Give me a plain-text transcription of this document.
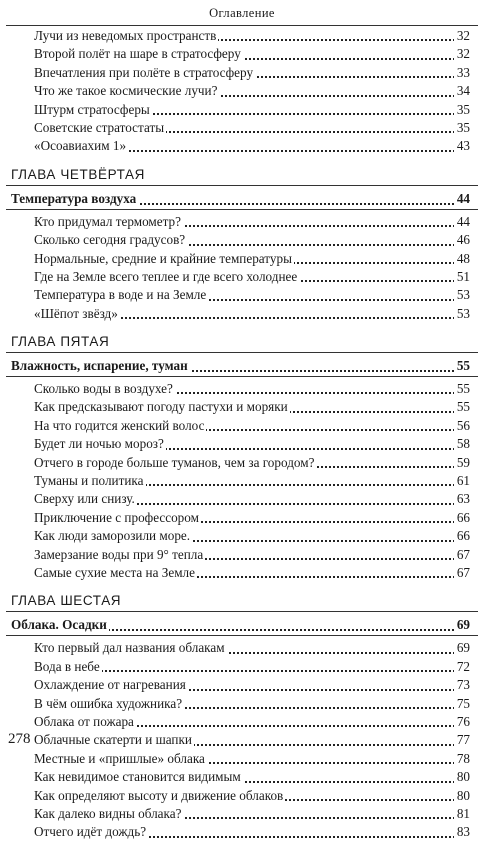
Оглавление
Лучи из неведомых пространств	32
Второй полёт на шаре в стратосферу	32
Впечатления при полёте в стратосферу	33
Что же такое космические лучи?	34
Штурм стратосферы	35
Советские стратостаты	35
«Осоавиахим 1»	43
ГЛАВА ЧЕТВЁРТАЯ
Температура воздуха	44
Кто придумал термометр?	44
Сколько сегодня градусов?	46
Нормальные, средние и крайние температуры	48
Где на Земле всего теплее и где всего холоднее	51
Температура в воде и на Земле	53
«Шёпот звёзд»	53
ГЛАВА ПЯТАЯ
Влажность, испарение, туман	55
Сколько воды в воздухе?	55
Как предсказывают погоду пастухи и моряки	55
На что годится женский волос	56
Будет ли ночью мороз?	58
Отчего в городе больше туманов, чем за городом?	59
Туманы и политика	61
Сверху или снизу.	63
Приключение с профессором	66
Как люди заморозили море.	66
Замерзание воды при 9° тепла	67
Самые сухие места на Земле	67
ГЛАВА ШЕСТАЯ
Облака. Осадки	69
Кто первый дал названия облакам	69
Вода в небе	72
Охлаждение от нагревания	73
В чём ошибка художника?	75
Облака от пожара	76
Облачные скатерти и шапки	77
Местные и «пришлые» облака	78
Как невидимое становится видимым	80
Как определяют высоту и движение облаков	80
Как далеко видны облака?	81
Отчего идёт дождь?	83
278
